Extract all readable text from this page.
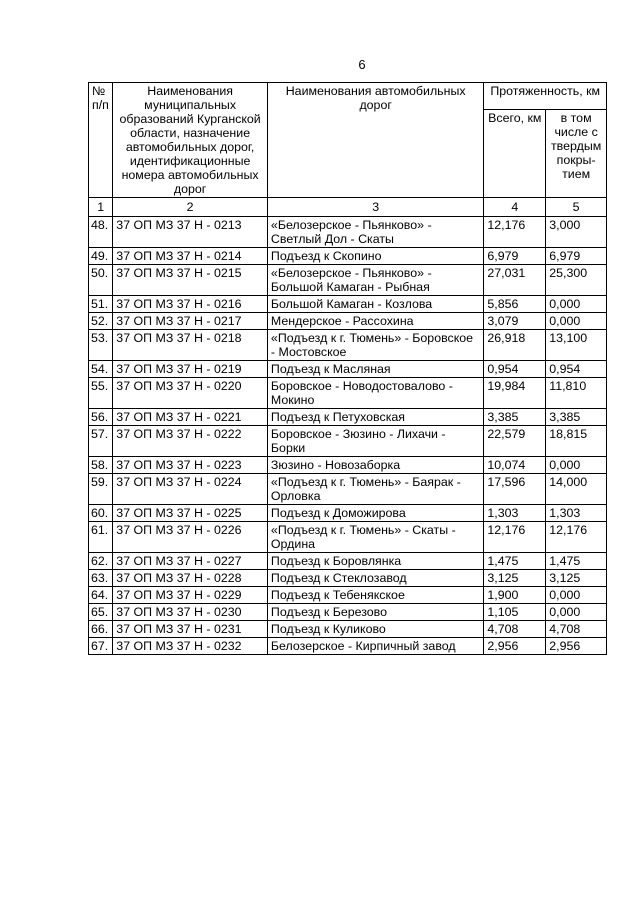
6
№ п/п	Наименования муниципальных образований Курганской области, назначение автомобильных дорог, идентификационные номера автомобильных дорог	Наименования автомобильных дорог	Протяженность, км	
			Всего, км	в том числе с твердым покры-тием
1	2	3	4	5
48.	37 ОП МЗ 37 Н - 0213	«Белозерское - Пьянково» - Светлый Дол - Скаты	12,176	3,000
49.	37 ОП МЗ 37 Н - 0214	Подъезд к Скопино	6,979	6,979
50.	37 ОП МЗ 37 Н - 0215	«Белозерское - Пьянково» - Большой Камаган - Рыбная	27,031	25,300
51.	37 ОП МЗ 37 Н - 0216	Большой Камаган - Козлова	5,856	0,000
52.	37 ОП МЗ 37 Н - 0217	Мендерское - Рассохина	3,079	0,000
53.	37 ОП МЗ 37 Н - 0218	«Подъезд к г. Тюмень» - Боровское - Мостовское	26,918	13,100
54.	37 ОП МЗ 37 Н - 0219	Подъезд к Масляная	0,954	0,954
55.	37 ОП МЗ 37 Н - 0220	Боровское - Новодостовалово - Мокино	19,984	11,810
56.	37 ОП МЗ 37 Н - 0221	Подъезд к Петуховская	3,385	3,385
57.	37 ОП МЗ 37 Н - 0222	Боровское - Зюзино - Лихачи - Борки	22,579	18,815
58.	37 ОП МЗ 37 Н - 0223	Зюзино - Новозаборка	10,074	0,000
59.	37 ОП МЗ 37 Н - 0224	«Подъезд к г. Тюмень» - Баярак - Орловка	17,596	14,000
60.	37 ОП МЗ 37 Н - 0225	Подъезд к Доможирова	1,303	1,303
61.	37 ОП МЗ 37 Н - 0226	«Подъезд к г. Тюмень» - Скаты - Ордина	12,176	12,176
62.	37 ОП МЗ 37 Н - 0227	Подъезд к Боровлянка	1,475	1,475
63.	37 ОП МЗ 37 Н - 0228	Подъезд к Стеклозавод	3,125	3,125
64.	37 ОП МЗ 37 Н - 0229	Подъезд к Тебенякское	1,900	0,000
65.	37 ОП МЗ 37 Н - 0230	Подъезд к Березово	1,105	0,000
66.	37 ОП МЗ 37 Н - 0231	Подъезд к Куликово	4,708	4,708
67.	37 ОП МЗ 37 Н - 0232	Белозерское - Кирпичный завод	2,956	2,956
